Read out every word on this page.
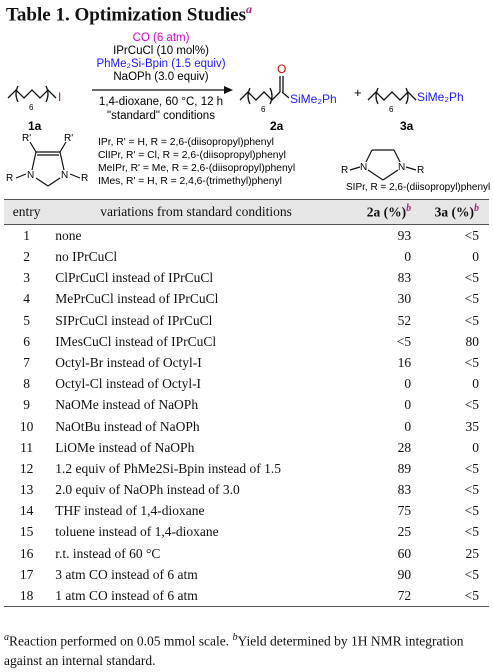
Table 1. Optimization Studies$^a$
6
I
1a
CO (6 atm)
IPrCuCl (10 mol%)
PhMe₂Si-Bpin (1.5 equiv)
NaOPh (3.0 equiv)
1,4-dioxane, 60 °C, 12 h
"standard" conditions
O
6
SiMe₂Ph
2a
+
6
SiMe₂Ph
3a
R'	R'
N	N
R	R
IPr, R' = H, R = 2,6-(diisopropyl)phenyl
ClIPr, R' = Cl, R = 2,6-(diisopropyl)phenyl
MeIPr, R' = Me, R = 2,6-(diisopropyl)phenyl
IMes, R' = H, R = 2,4,6-(trimethyl)phenyl
N	N
R	R
SIPr, R = 2,6-(diisopropyl)phenyl
entry	variations from standard conditions	2a (%)$^b$	3a (%)$^b$
1	none	93	<5
2	no IPrCuCl	0	0
3	ClPrCuCl instead of IPrCuCl	83	<5
4	MePrCuCl instead of IPrCuCl	30	<5
5	SIPrCuCl instead of IPrCuCl	52	<5
6	IMesCuCl instead of IPrCuCl	<5	80
7	Octyl-Br instead of Octyl-I	16	<5
8	Octyl-Cl instead of Octyl-I	0	0
9	NaOMe instead of NaOPh	0	<5
10	NaOtBu instead of NaOPh	0	35
11	LiOMe instead of NaOPh	28	0
12	1.2 equiv of PhMe2Si-Bpin instead of 1.5	89	<5
13	2.0 equiv of NaOPh instead of 3.0	83	<5
14	THF instead of 1,4-dioxane	75	<5
15	toluene instead of 1,4-dioxane	25	<5
16	r.t. instead of 60 °C	60	25
17	3 atm CO instead of 6 atm	90	<5
18	1 atm CO instead of 6 atm	72	<5
$^a$Reaction performed on 0.05 mmol scale. $^b$Yield determined by 1H NMR integration against an internal standard.
